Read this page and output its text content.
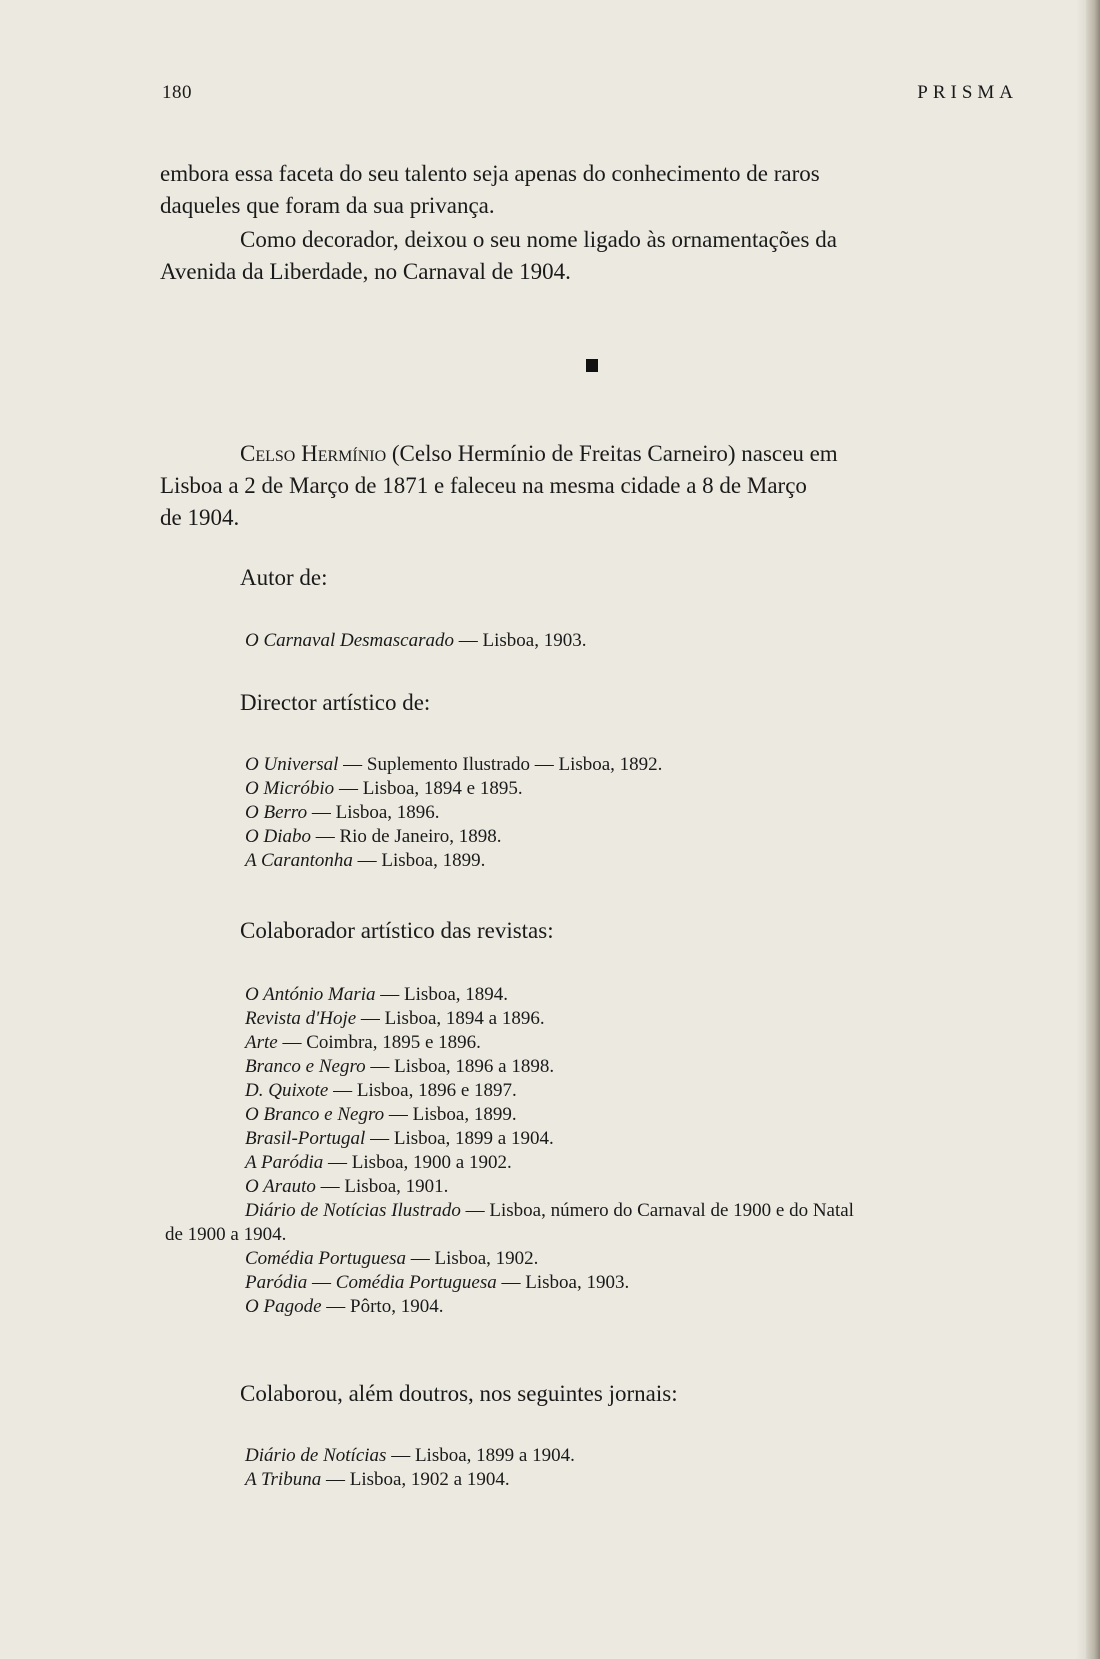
180	PRISMA

embora essa faceta do seu talento seja apenas do conhecimento de raros

daqueles que foram da sua privança.

Como decorador, deixou o seu nome ligado às ornamentações da

Avenida da Liberdade, no Carnaval de 1904.

Celso Hermínio (Celso Hermínio de Freitas Carneiro) nasceu em

Lisboa a 2 de Março de 1871 e faleceu na mesma cidade a 8 de Março

de 1904.

Autor de:
O Carnaval Desmascarado — Lisboa, 1903.
Director artístico de:
O Universal — Suplemento Ilustrado — Lisboa, 1892.
O Micróbio — Lisboa, 1894 e 1895.
O Berro — Lisboa, 1896.
O Diabo — Rio de Janeiro, 1898.
A Carantonha — Lisboa, 1899.
Colaborador artístico das revistas:
O António Maria — Lisboa, 1894.
Revista d'Hoje — Lisboa, 1894 a 1896.
Arte — Coimbra, 1895 e 1896.
Branco e Negro — Lisboa, 1896 a 1898.
D. Quixote — Lisboa, 1896 e 1897.
O Branco e Negro — Lisboa, 1899.
Brasil-Portugal — Lisboa, 1899 a 1904.
A Paródia — Lisboa, 1900 a 1902.
O Arauto — Lisboa, 1901.
Diário de Notícias Ilustrado — Lisboa, número do Carnaval de 1900 e do Natal
de 1900 a 1904.
Comédia Portuguesa — Lisboa, 1902.
Paródia — Comédia Portuguesa — Lisboa, 1903.
O Pagode — Pôrto, 1904.
Colaborou, além doutros, nos seguintes jornais:
Diário de Notícias — Lisboa, 1899 a 1904.
A Tribuna — Lisboa, 1902 a 1904.
